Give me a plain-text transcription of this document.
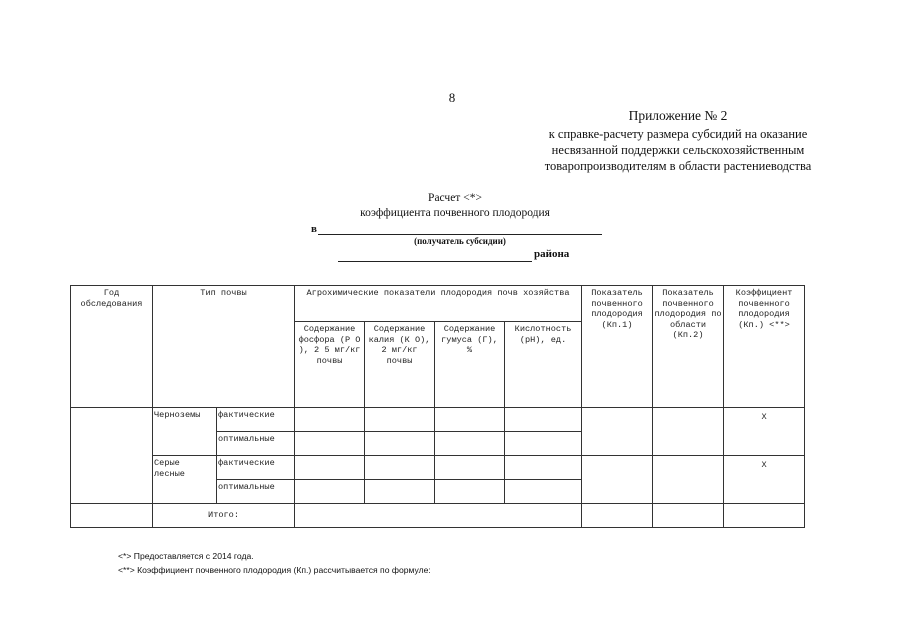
8
Приложение № 2
к справке-расчету размера субсидий на оказание
несвязанной поддержки сельскохозяйственным
товаропроизводителям в области растениеводства
Расчет <*>
коэффициента почвенного плодородия
в
(получатель субсидии)
района
Год обследования	Тип почвы		Агрохимические показатели плодородия почв хозяйства				Показатель почвенного плодородия (Кп.1)	Показатель почвенного плодородия по области (Кп.2)	Коэффициент почвенного плодородия (Кп.) <**>
			Содержание фосфора (Р О ), 2 5 мг/кг почвы	Содержание калия (К О), 2 мг/кг почвы	Содержание гумуса (Г), %	Кислотность (pH), ед.			
	Черноземы	фактические							Х
		оптимальные							
	Серые лесные	фактические							Х
		оптимальные							
	Итого:								
<*> Предоставляется с 2014 года.
<**> Коэффициент почвенного плодородия (Кп.) рассчитывается по формуле:
